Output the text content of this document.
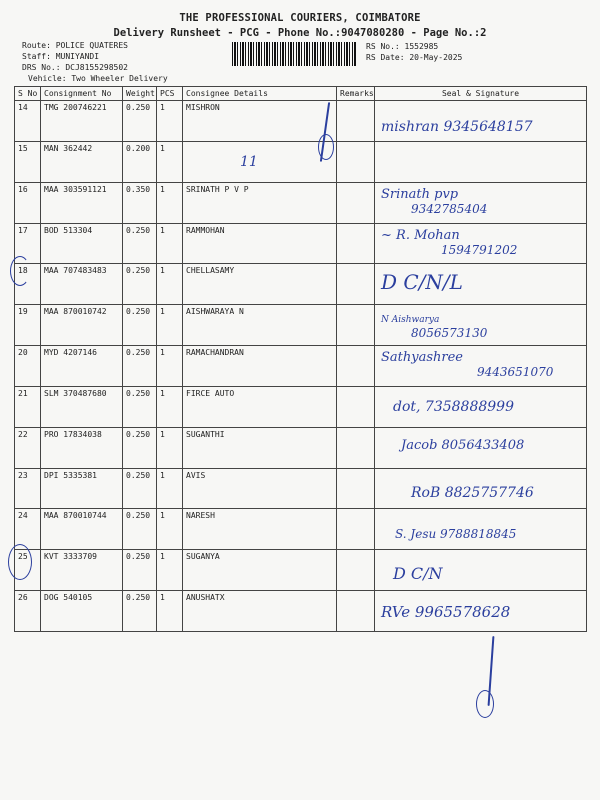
THE PROFESSIONAL COURIERS, COIMBATORE
Delivery Runsheet - PCG - Phone No.:9047080280 - Page No.:2
Route: POLICE QUATERES
Staff: MUNIYANDI
DRS No.: DCJ8155298502
Vehicle: Two Wheeler Delivery
RS No.: 1552985
RS Date: 20-May-2025
S No	Consignment No	Weight	PCS	Consignee Details	Remarks	Seal & Signature
14	TMG 200746221	0.250	1	MISHRON		mishran 9345648157

15	MAN 362442	0.200	1	11		

16	MAA 303591121	0.350	1	SRINATH P V P		Srinath pvp
9342785404

17	BOD 513304	0.250	1	RAMMOHAN		~ R. Mohan
1594791202

18	MAA 707483483	0.250	1	CHELLASAMY		D C/N/L

19	MAA 870010742	0.250	1	AISHWARAYA N		N Aishwarya
8056573130

20	MYD 4207146	0.250	1	RAMACHANDRAN		Sathyashree
9443651070

21	SLM 370487680	0.250	1	FIRCE AUTO		dot, 7358888999

22	PRO 17834038	0.250	1	SUGANTHI		Jacob 8056433408

23	DPI 5335381	0.250	1	AVIS		RoB 8825757746

24	MAA 870010744	0.250	1	NARESH		S. Jesu 9788818845

25	KVT 3333709	0.250	1	SUGANYA		D C/N

26	DOG 540105	0.250	1	ANUSHATX		RVe 9965578628
